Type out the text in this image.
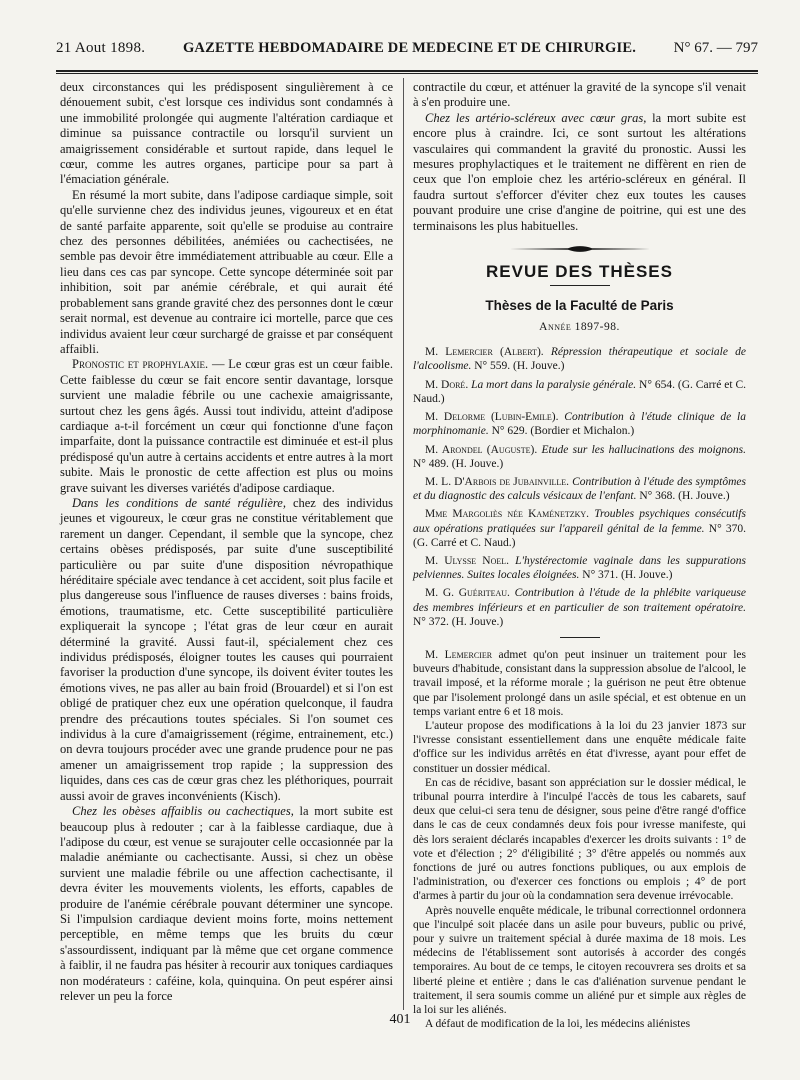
21 Aout 1898.	GAZETTE HEBDOMADAIRE DE MEDECINE ET DE CHIRURGIE.	N° 67. — 797

deux circonstances qui les prédisposent singulièrement à ce dénouement subit, c'est lorsque ces individus sont condamnés à une immobilité prolongée qui augmente l'altération cardiaque et diminue sa puissance contractile ou lorsqu'il survient un amaigrissement considérable et surtout rapide, dans lequel le cœur, comme les autres organes, participe pour sa part à l'émaciation générale.

En résumé la mort subite, dans l'adipose cardiaque simple, soit qu'elle survienne chez des individus jeunes, vigoureux et en état de santé parfaite apparente, soit qu'elle se produise au contraire chez des personnes débilitées, anémiées ou cachectisées, ne semble pas devoir être immédiatement attribuable au cœur. Elle a lieu dans ces cas par syncope. Cette syncope déterminée soit par inhibition, soit par anémie cérébrale, et qui aurait été probablement sans grande gravité chez des personnes dont le cœur serait normal, est devenue au contraire ici mortelle, parce que ces individus avaient leur cœur surchargé de graisse et par conséquent affaibli.

Pronostic et prophylaxie. — Le cœur gras est un cœur faible. Cette faiblesse du cœur se fait encore sentir davantage, lorsque survient une maladie fébrile ou une cachexie amaigrissante, surtout chez les gens âgés. Aussi tout individu, atteint d'adipose cardiaque a-t-il forcément un cœur qui fonctionne d'une façon imparfaite, dont la puissance contractile est diminuée et est-il plus prédisposé qu'un autre à certains accidents et entre autres à la mort subite. Mais le pronostic de cette affection est plus ou moins grave suivant les diverses variétés d'adipose cardiaque.

Dans les conditions de santé régulière, chez des individus jeunes et vigoureux, le cœur gras ne constitue véritablement que rarement un danger. Cependant, il semble que la syncope, chez certains obèses prédisposés, par suite d'une susceptibilité particulière ou par suite d'une disposition névropathique héréditaire spéciale avec tendance à cet accident, soit plus facile et plus dangereuse sous l'influence de rauses diverses : bains froids, émotions, traumatisme, etc. Cette susceptibilité particulière expliquerait la syncope ; l'état gras de leur cœur en aurait déterminé la gravité. Aussi faut-il, spécialement chez ces individus prédisposés, éloigner toutes les causes qui pourraient favoriser la production d'une syncope, ils doivent éviter toutes les émotions vives, ne pas aller au bain froid (Brouardel) et si l'on est obligé de pratiquer chez eux une opération quelconque, il faudra prendre des précautions toutes spéciales. Si l'on soumet ces individus à la cure d'amaigrissement (régime, entrainement, etc.) on devra toujours procéder avec une grande prudence pour ne pas amener un amaigrissement trop rapide ; la suppression des liquides, dans ces cas de cœur gras chez les pléthoriques, pourrait aussi avoir de graves inconvénients (Kisch).

Chez les obèses affaiblis ou cachectiques, la mort subite est beaucoup plus à redouter ; car à la faiblesse cardiaque, due à l'adipose du cœur, est venue se surajouter celle occasionnée par la maladie anémiante ou cachectisante. Aussi, si chez un obèse survient une maladie fébrile ou une affection cachectisante, il devra éviter les mouvements violents, les efforts, capables de produire de l'anémie cérébrale pouvant déterminer une syncope. Si l'impulsion cardiaque devient moins forte, moins nettement perceptible, en même temps que les bruits du cœur s'assourdissent, indiquant par là même que cet organe commence à faiblir, il ne faudra pas hésiter à recourir aux toniques cardiaques non modérateurs : caféine, kola, quinquina. On peut espérer ainsi relever un peu la force

contractile du cœur, et atténuer la gravité de la syncope s'il venait à s'en produire une.

Chez les artério-scléreux avec cœur gras, la mort subite est encore plus à craindre. Ici, ce sont surtout les altérations vasculaires qui commandent la gravité du pronostic. Aussi les mesures prophylactiques et le traitement ne diffèrent en rien de ceux que l'on emploie chez les artério-scléreux en général. Il faudra surtout s'efforcer d'éviter chez eux toutes les causes pouvant produire une crise d'angine de poitrine, qui est une des terminaisons les plus habituelles.

REVUE DES THÈSES
Thèses de la Faculté de Paris
Année 1897-98.

M. Lemercier (Albert). Répression thérapeutique et sociale de l'alcoolisme. N° 559. (H. Jouve.)

M. Doré. La mort dans la paralysie générale. N° 654. (G. Carré et C. Naud.)

M. Delorme (Lubin-Emile). Contribution à l'étude clinique de la morphinomanie. N° 629. (Bordier et Michalon.)

M. Arondel (Auguste). Etude sur les hallucinations des moignons. N° 489. (H. Jouve.)

M. L. D'Arbois de Jubainville. Contribution à l'étude des symptômes et du diagnostic des calculs vésicaux de l'enfant. N° 368. (H. Jouve.)

Mme Margoliès née Kaménetzky. Troubles psychiques consécutifs aux opérations pratiquées sur l'appareil génital de la femme. N° 370. (G. Carré et C. Naud.)

M. Ulysse Noel. L'hystérectomie vaginale dans les suppurations pelviennes. Suites locales éloignées. N° 371. (H. Jouve.)

M. G. Guériteau. Contribution à l'étude de la phlébite variqueuse des membres inférieurs et en particulier de son traitement opératoire. N° 372. (H. Jouve.)

M. Lemercier admet qu'on peut insinuer un traitement pour les buveurs d'habitude, consistant dans la suppression absolue de l'alcool, le travail imposé, et la réforme morale ; la guérison ne peut être obtenue que par l'isolement prolongé dans un asile spécial, et est obtenue en un temps variant entre 6 et 18 mois.

L'auteur propose des modifications à la loi du 23 janvier 1873 sur l'ivresse consistant essentiellement dans une enquête médicale faite d'office sur les individus arrêtés en état d'ivresse, ayant pour effet de constituer un dossier médical.

En cas de récidive, basant son appréciation sur le dossier médical, le tribunal pourra interdire à l'inculpé l'accès de tous les cabarets, sauf deux que celui-ci sera tenu de désigner, sous peine d'être rangé d'office dans le cas de ceux condamnés deux fois pour ivresse manifeste, qui dès lors seraient déclarés incapables d'exercer les droits suivants : 1° de vote et d'élection ; 2° d'éligibilité ; 3° d'être appelés ou nommés aux fonctions de juré ou autres fonctions publiques, ou aux emplois de l'administration, ou d'exercer ces fonctions ou emplois ; 4° de port d'armes à partir du jour où la condamnation sera devenue irrévocable.

Après nouvelle enquête médicale, le tribunal correctionnel ordonnera que l'inculpé soit placée dans un asile pour buveurs, public ou privé, pour y suivre un traitement spécial à durée maxima de 18 mois. Les médecins de l'établissement sont autorisés à accorder des congés temporaires. Au bout de ce temps, le citoyen recouvrera ses droits et sa liberté pleine et entière ; dans le cas d'aliénation survenue pendant le traitement, il sera soumis comme un aliéné pur et simple aux règles de la loi sur les aliénés.

A défaut de modification de la loi, les médecins aliénistes

401
